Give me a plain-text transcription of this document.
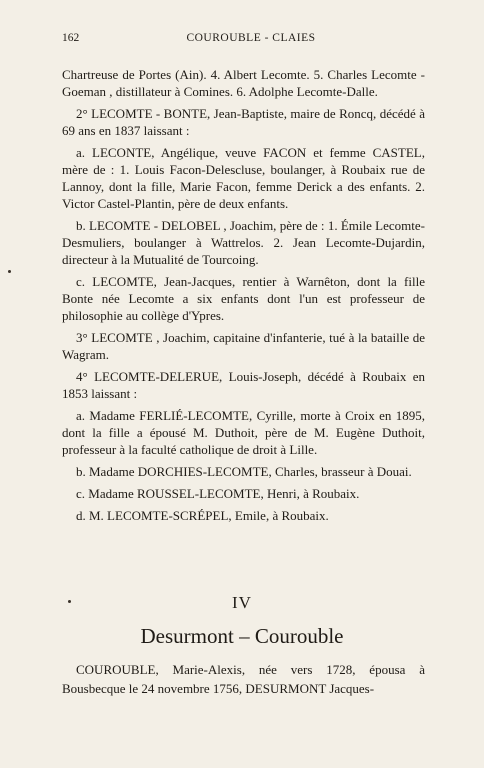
162	COUROUBLE - CLAIES

Chartreuse de Portes (Ain). 4. Albert Lecomte. 5. Charles Lecomte - Goeman , distillateur à Comines. 6. Adolphe Lecomte-Dalle.

2° LECOMTE - BONTE, Jean-Baptiste, maire de Roncq, décédé à 69 ans en 1837 laissant :

a. LECONTE, Angélique, veuve FACON et femme CASTEL, mère de : 1. Louis Facon-Delescluse, boulanger, à Roubaix rue de Lannoy, dont la fille, Marie Facon, femme Derick a des enfants. 2. Victor Castel-Plantin, père de deux enfants.

b. LECOMTE - DELOBEL , Joachim, père de : 1. Émile Lecomte-Desmuliers, boulanger à Wattrelos. 2. Jean Lecomte-Dujardin, directeur à la Mutualité de Tourcoing.

c. LECOMTE, Jean-Jacques, rentier à Warnêton, dont la fille Bonte née Lecomte a six enfants dont l'un est professeur de philosophie au collège d'Ypres.

3° LECOMTE , Joachim, capitaine d'infanterie, tué à la bataille de Wagram.

4° LECOMTE-DELERUE, Louis-Joseph, décédé à Roubaix en 1853 laissant :

a. Madame FERLIÉ-LECOMTE, Cyrille, morte à Croix en 1895, dont la fille a épousé M. Duthoit, père de M. Eugène Duthoit, professeur à la faculté catholique de droit à Lille.

b. Madame DORCHIES-LECOMTE, Charles, brasseur à Douai.

c. Madame ROUSSEL-LECOMTE, Henri, à Roubaix.

d. M. LECOMTE-SCRÉPEL, Emile, à Roubaix.

IV
Desurmont – Courouble

COUROUBLE, Marie-Alexis, née vers 1728, épousa à Bousbecque le 24 novembre 1756, DESURMONT Jacques-
